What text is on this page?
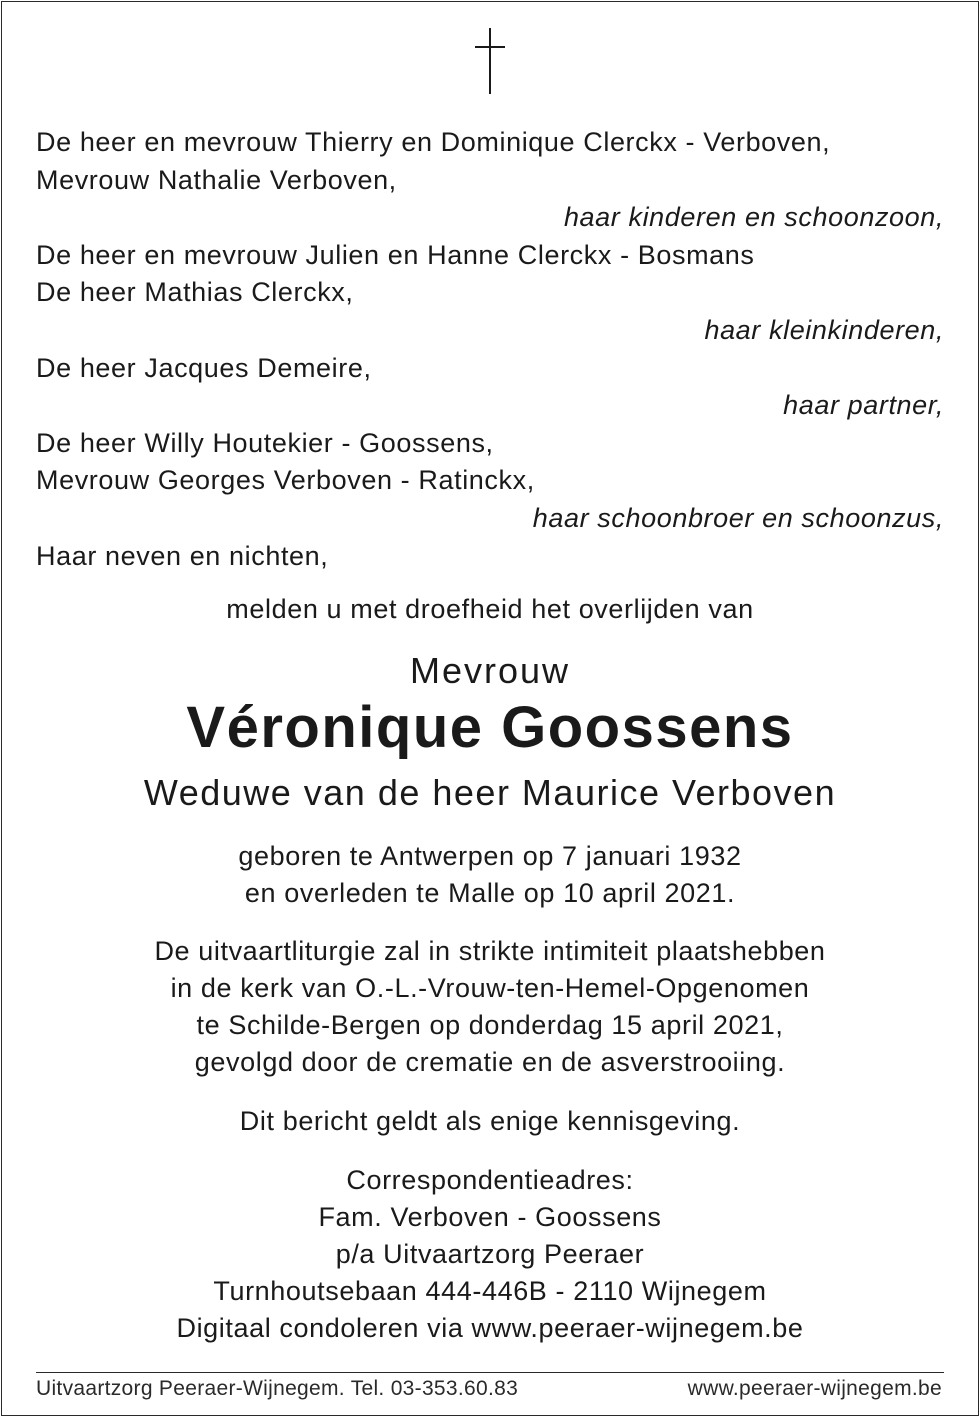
De heer en mevrouw Thierry en Dominique Clerckx - Verboven,
Mevrouw Nathalie Verboven,
haar kinderen en schoonzoon,
De heer en mevrouw Julien en Hanne Clerckx - Bosmans
De heer Mathias Clerckx,
haar kleinkinderen,
De heer Jacques Demeire,
haar partner,
De heer Willy Houtekier - Goossens,
Mevrouw Georges Verboven - Ratinckx,
haar schoonbroer en schoonzus,
Haar neven en nichten,
melden u met droefheid het overlijden van
Mevrouw
Véronique Goossens
Weduwe van de heer Maurice Verboven
geboren te Antwerpen op 7 januari 1932
en overleden te Malle op 10 april 2021.
De uitvaartliturgie zal in strikte intimiteit plaatshebben
in de kerk van O.-L.-Vrouw-ten-Hemel-Opgenomen
te Schilde-Bergen op donderdag 15 april 2021,
gevolgd door de crematie en de asverstrooiing.
Dit bericht geldt als enige kennisgeving.
Correspondentieadres:
Fam. Verboven - Goossens
p/a Uitvaartzorg Peeraer
Turnhoutsebaan 444-446B - 2110 Wijnegem
Digitaal condoleren via www.peeraer-wijnegem.be
Uitvaartzorg Peeraer-Wijnegem. Tel. 03-353.60.83	www.peeraer-wijnegem.be
